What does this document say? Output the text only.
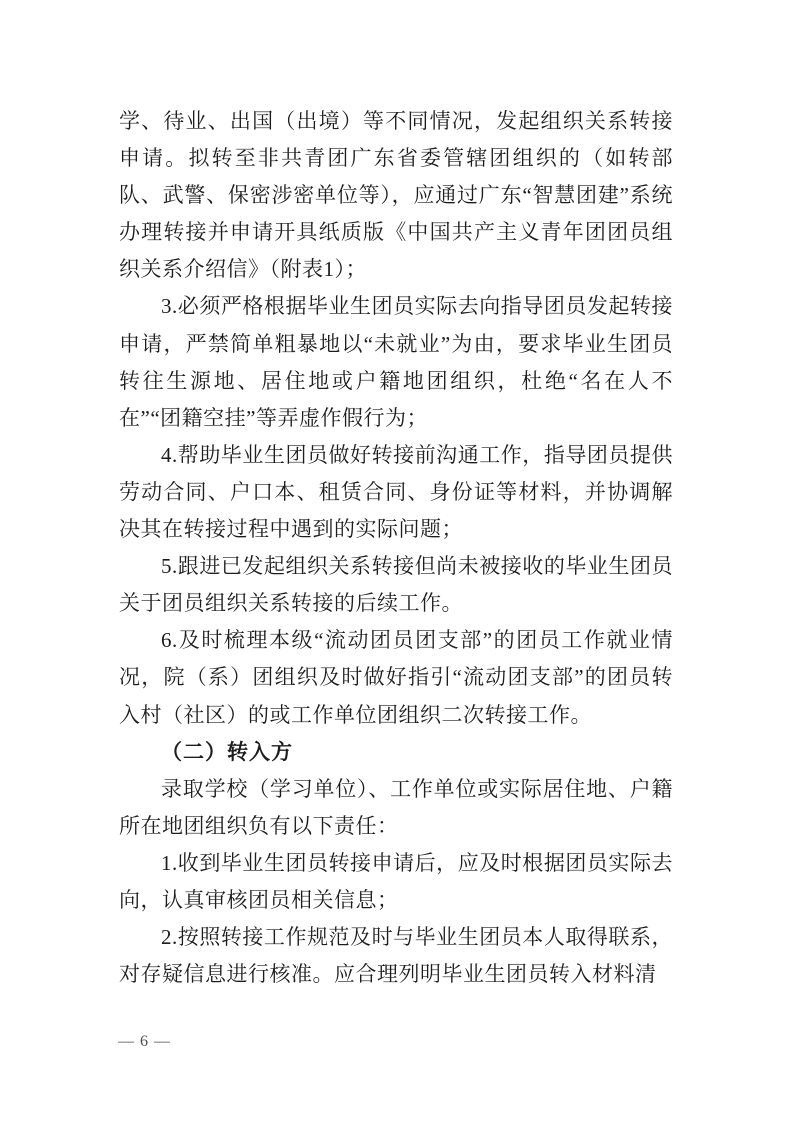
学、待业、出国（出境）等不同情况，发起组织关系转接申请。拟转至非共青团广东省委管辖团组织的（如转部队、武警、保密涉密单位等），应通过广东“智慧团建”系统办理转接并申请开具纸质版《中国共产主义青年团团员组织关系介绍信》（附表1）；

3.必须严格根据毕业生团员实际去向指导团员发起转接申请，严禁简单粗暴地以“未就业”为由，要求毕业生团员转往生源地、居住地或户籍地团组织，杜绝“名在人不在”“团籍空挂”等弄虚作假行为；

4.帮助毕业生团员做好转接前沟通工作，指导团员提供劳动合同、户口本、租赁合同、身份证等材料，并协调解决其在转接过程中遇到的实际问题；

5.跟进已发起组织关系转接但尚未被接收的毕业生团员关于团员组织关系转接的后续工作。

6.及时梳理本级“流动团员团支部”的团员工作就业情况，院（系）团组织及时做好指引“流动团支部”的团员转入村（社区）的或工作单位团组织二次转接工作。

（二）转入方

录取学校（学习单位）、工作单位或实际居住地、户籍所在地团组织负有以下责任：

1.收到毕业生团员转接申请后，应及时根据团员实际去向，认真审核团员相关信息；

2.按照转接工作规范及时与毕业生团员本人取得联系，对存疑信息进行核准。应合理列明毕业生团员转入材料清

— 6 —
